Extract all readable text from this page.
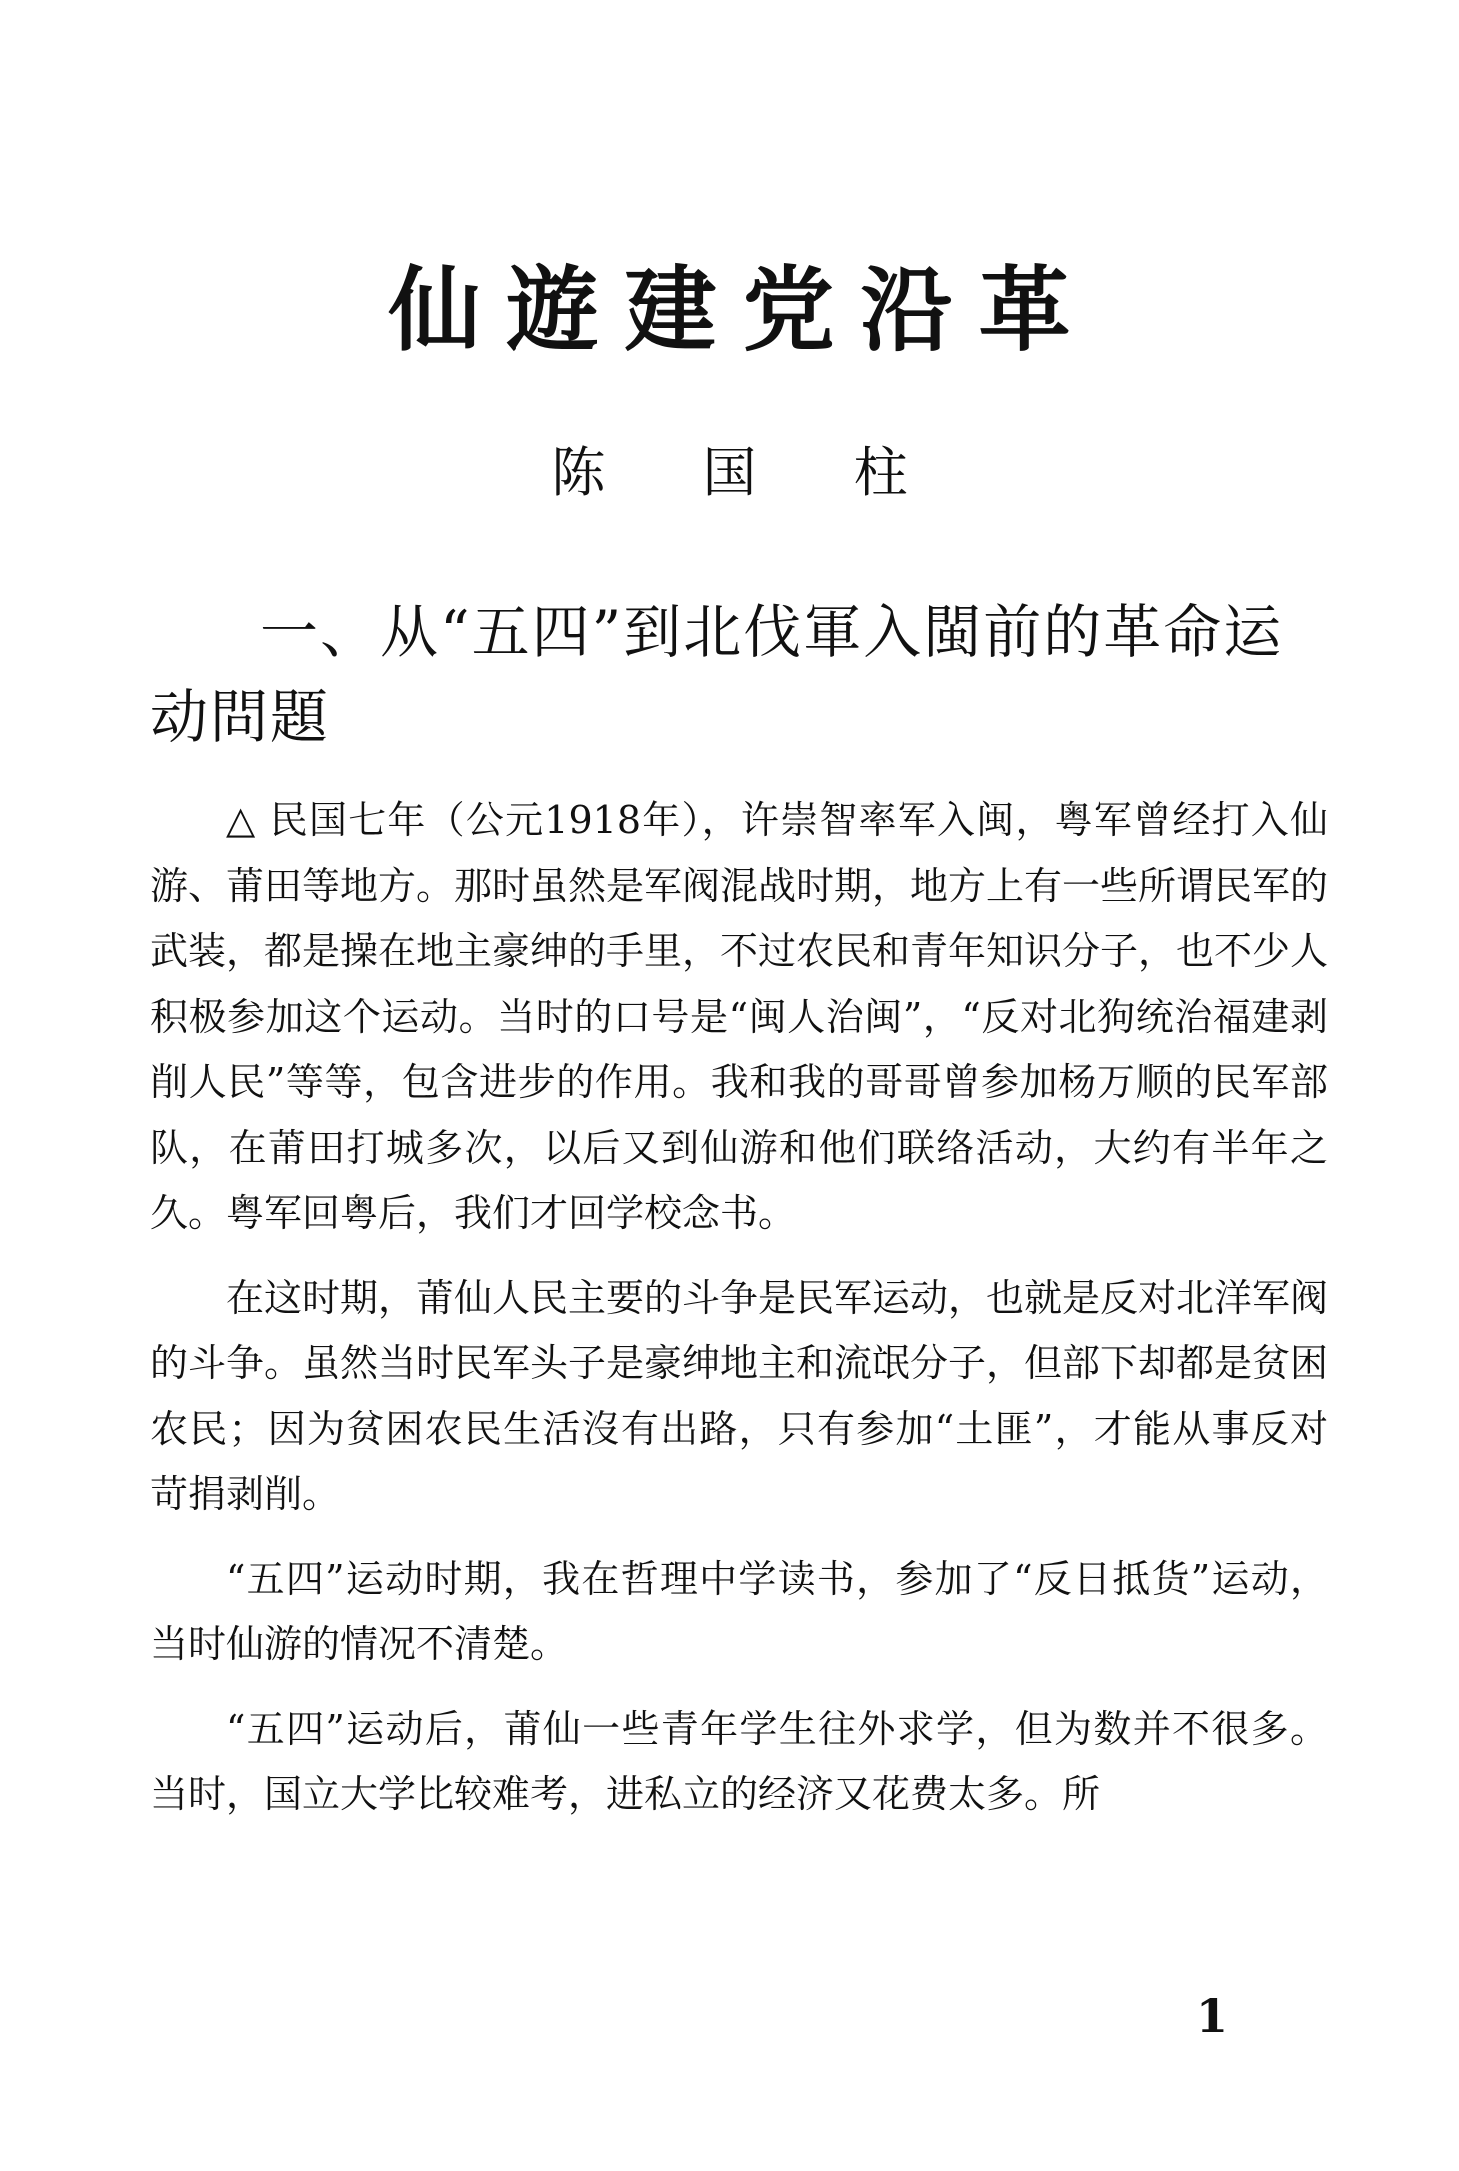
仙遊建党沿革
陈 国 柱
一、从“五四”到北伐軍入閩前的革命运动問題

△ 民国七年（公元1918年），许崇智率军入闽，粤军曾经打入仙游、莆田等地方。那时虽然是军阀混战时期，地方上有一些所谓民军的武装，都是操在地主豪绅的手里，不过农民和青年知识分子，也不少人积极参加这个运动。当时的口号是“闽人治闽”，“反对北狗统治福建剥削人民”等等，包含进步的作用。我和我的哥哥曾参加杨万顺的民军部队，在莆田打城多次，以后又到仙游和他们联络活动，大约有半年之久。粤军回粤后，我们才回学校念书。

在这时期，莆仙人民主要的斗争是民军运动，也就是反对北洋军阀的斗争。虽然当时民军头子是豪绅地主和流氓分子，但部下却都是贫困农民；因为贫困农民生活沒有出路，只有参加“土匪”，才能从事反对苛捐剥削。

“五四”运动时期，我在哲理中学读书，参加了“反日抵货”运动，当时仙游的情况不清楚。

“五四”运动后，莆仙一些青年学生往外求学，但为数并不很多。当时，国立大学比较难考，进私立的经济又花费太多。所

1
